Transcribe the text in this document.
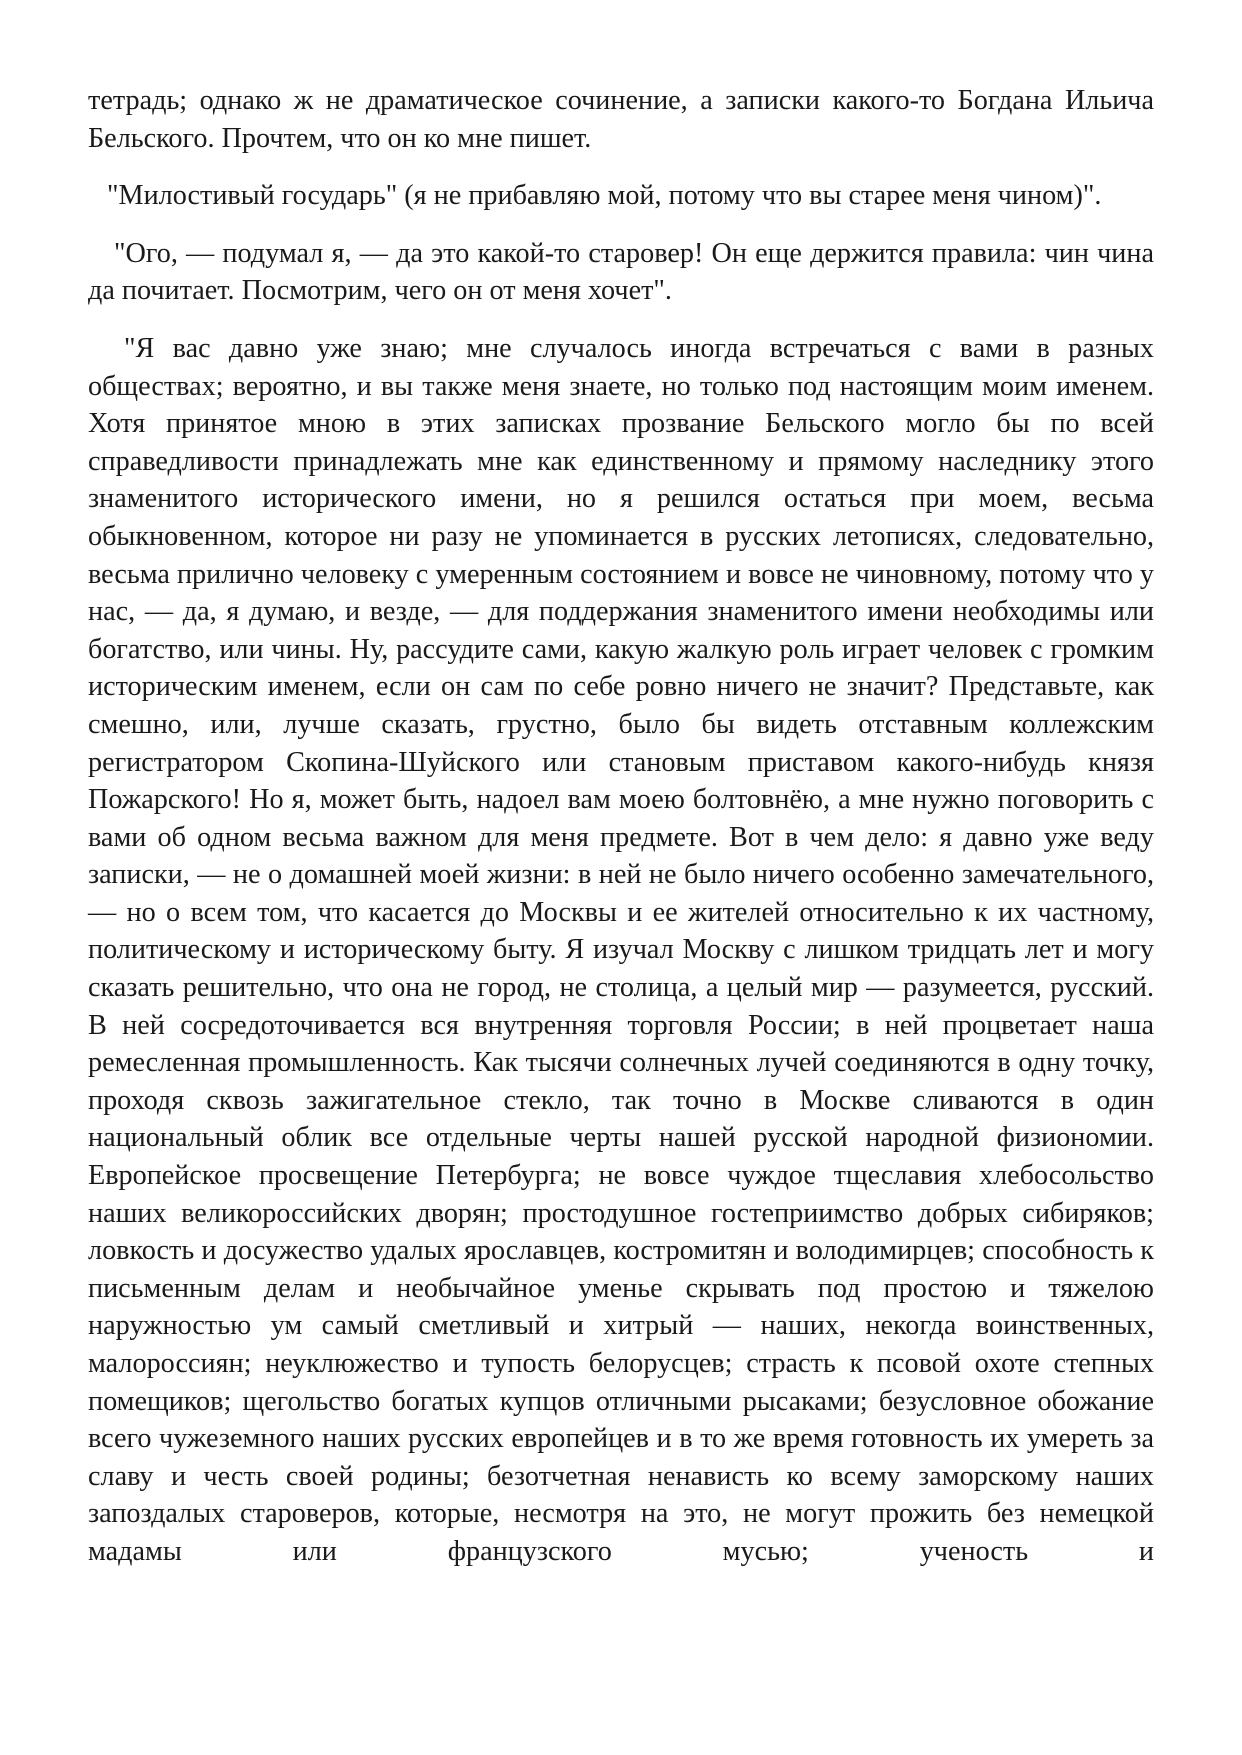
тетрадь; однако ж не драматическое сочинение, а записки какого-то Богдана Ильича Бельского. Прочтем, что он ко мне пишет.

"Милостивый государь" (я не прибавляю мой, потому что вы старее меня чином)".

"Ого, — подумал я, — да это какой-то старовер! Он еще держится правила: чин чина да почитает. Посмотрим, чего он от меня хочет".

"Я вас давно уже знаю; мне случалось иногда встречаться с вами в разных обществах; вероятно, и вы также меня знаете, но только под настоящим моим именем. Хотя принятое мною в этих записках прозвание Бельского могло бы по всей справедливости принадлежать мне как единственному и прямому наследнику этого знаменитого исторического имени, но я решился остаться при моем, весьма обыкновенном, которое ни разу не упоминается в русских летописях, следовательно, весьма прилично человеку с умеренным состоянием и вовсе не чиновному, потому что у нас, — да, я думаю, и везде, — для поддержания знаменитого имени необходимы или богатство, или чины. Ну, рассудите сами, какую жалкую роль играет человек с громким историческим именем, если он сам по себе ровно ничего не значит? Представьте, как смешно, или, лучше сказать, грустно, было бы видеть отставным коллежским регистратором Скопина-Шуйского или становым приставом какого-нибудь князя Пожарского! Но я, может быть, надоел вам моею болтовнёю, а мне нужно поговорить с вами об одном весьма важном для меня предмете. Вот в чем дело: я давно уже веду записки, — не о домашней моей жизни: в ней не было ничего особенно замечательного, — но о всем том, что касается до Москвы и ее жителей относительно к их частному, политическому и историческому быту. Я изучал Москву с лишком тридцать лет и могу сказать решительно, что она не город, не столица, а целый мир — разумеется, русский. В ней сосредоточивается вся внутренняя торговля России; в ней процветает наша ремесленная промышленность. Как тысячи солнечных лучей соединяются в одну точку, проходя сквозь зажигательное стекло, так точно в Москве сливаются в один национальный облик все отдельные черты нашей русской народной физиономии. Европейское просвещение Петербурга; не вовсе чуждое тщеславия хлебосольство наших великороссийских дворян; простодушное гостеприимство добрых сибиряков; ловкость и досужество удалых ярославцев, костромитян и володимирцев; способность к письменным делам и необычайное уменье скрывать под простою и тяжелою наружностью ум самый сметливый и хитрый — наших, некогда воинственных, малороссиян; неуклюжество и тупость белорусцев; страсть к псовой охоте степных помещиков; щегольство богатых купцов отличными рысаками; безусловное обожание всего чужеземного наших русских европейцев и в то же время готовность их умереть за славу и честь своей родины; безотчетная ненависть ко всему заморскому наших запоздалых староверов, которые, несмотря на это, не могут прожить без немецкой мадамы или французского мусью; ученость и
